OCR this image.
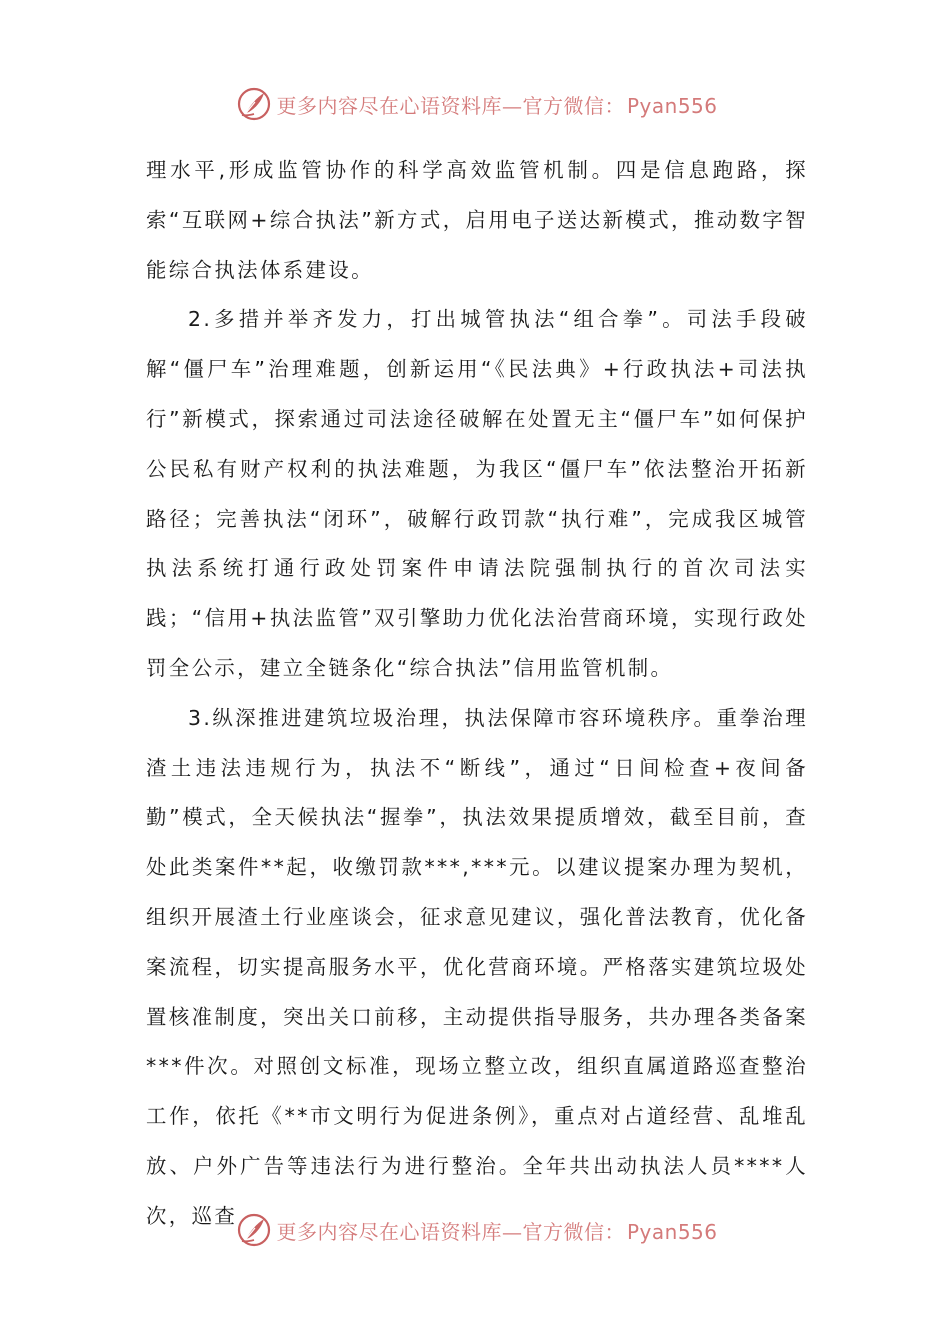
更多内容尽在心语资料库—官方微信： Pyan556

理水平,形成监管协作的科学高效监管机制。四是信息跑路，探索“互联网+综合执法”新方式，启用电子送达新模式，推动数字智能综合执法体系建设。

2.多措并举齐发力，打出城管执法“组合拳”。司法手段破解“僵尸车”治理难题，创新运用“《民法典》+行政执法+司法执行”新模式，探索通过司法途径破解在处置无主“僵尸车”如何保护公民私有财产权利的执法难题，为我区“僵尸车”依法整治开拓新路径；完善执法“闭环”，破解行政罚款“执行难”，完成我区城管执法系统打通行政处罚案件申请法院强制执行的首次司法实践；“信用+执法监管”双引擎助力优化法治营商环境，实现行政处罚全公示，建立全链条化“综合执法”信用监管机制。

3.纵深推进建筑垃圾治理，执法保障市容环境秩序。重拳治理渣土违法违规行为，执法不“断线”，通过“日间检查+夜间备勤”模式，全天候执法“握拳”，执法效果提质增效，截至目前，查处此类案件**起，收缴罚款***,***元。以建议提案办理为契机，组织开展渣土行业座谈会，征求意见建议，强化普法教育，优化备案流程，切实提高服务水平，优化营商环境。严格落实建筑垃圾处置核准制度，突出关口前移，主动提供指导服务，共办理各类备案***件次。对照创文标准，现场立整立改，组织直属道路巡查整治工作，依托《**市文明行为促进条例》，重点对占道经营、乱堆乱放、户外广告等违法行为进行整治。全年共出动执法人员****人次，巡查

更多内容尽在心语资料库—官方微信： Pyan556
